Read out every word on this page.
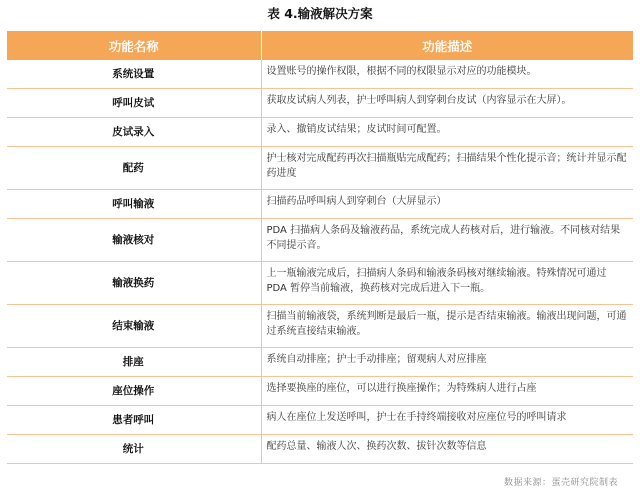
表 4.输液解决方案
功能名称	功能描述
系统设置	设置账号的操作权限，根据不同的权限显示对应的功能模块。
呼叫皮试	获取皮试病人列表，护士呼叫病人到穿刺台皮试（内容显示在大屏）。
皮试录入	录入、撤销皮试结果；皮试时间可配置。
配药	护士核对完成配药再次扫描瓶贴完成配药；扫描结果个性化提示音；统计并显示配药进度
呼叫输液	扫描药品呼叫病人到穿刺台（大屏显示）
输液核对	PDA 扫描病人条码及输液药品，系统完成人药核对后，进行输液。不同核对结果不同提示音。
输液换药	上一瓶输液完成后，扫描病人条码和输液条码核对继续输液。特殊情况可通过 PDA 暂停当前输液，换药核对完成后进入下一瓶。
结束输液	扫描当前输液袋，系统判断是最后一瓶，提示是否结束输液。输液出现问题，可通过系统直接结束输液。
排座	系统自动排座；护士手动排座；留观病人对应排座
座位操作	选择要换座的座位，可以进行换座操作；为特殊病人进行占座
患者呼叫	病人在座位上发送呼叫，护士在手持终端接收对应座位号的呼叫请求
统计	配药总量、输液人次、换药次数、拔针次数等信息
数据来源：蛋壳研究院制表
